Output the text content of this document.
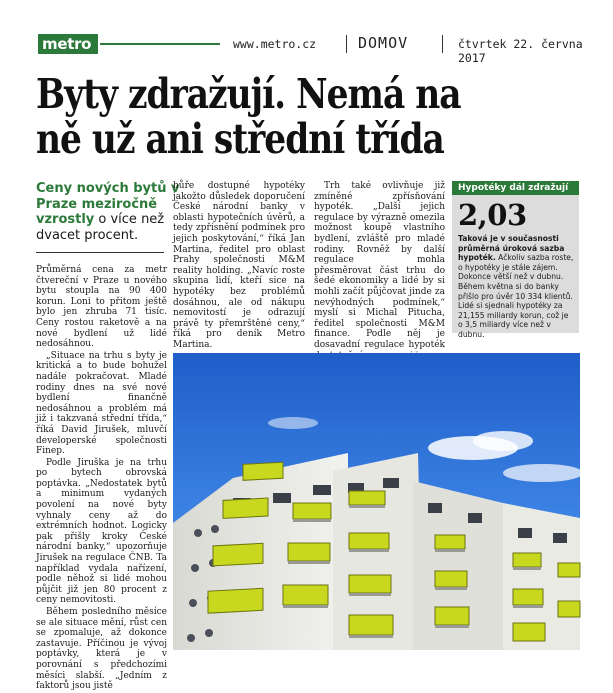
metro	www.metro.cz	DOMOV	čtvrtek 22. června 2017
Byty zdražují. Nemá na
ně už ani střední třída
Ceny nových bytů v Praze meziročně vzrostly o více než dvacet procent.

Průměrná cena za metr čtvereční v Praze u nového bytu stoupla na 90 400 korun. Loni to přitom ještě bylo jen zhruba 71 tisíc. Ceny rostou raketově a na nové bydlení už lidé nedosáhnou.

„Situace na trhu s byty je kritická a to bude bohužel nadále pokračovat. Mladé rodiny dnes na své nové bydlení finančně nedosáhnou a problém má již i takzvaná střední třída,“ říká David Jirušek, mluvčí developerské společnosti Finep.

Podle Jiruška je na trhu po bytech obrovská poptávka. „Nedostatek bytů a minimum vydaných povolení na nové byty vyhnaly ceny až do extrémních hodnot. Logicky pak přišly kroky České národní banky,“ upozorňuje Jirušek na regulace ČNB. Ta například vydala nařízení, podle něhož si lidé mohou půjčit již jen 80 procent z ceny nemovitosti.

Během posledního měsíce se ale situace mění, růst cen se zpomaluje, až dokonce zastavuje. Příčinou je vývoj poptávky, která je v porovnání s předchozími měsíci slabší. „Jedním z faktorů jsou jistě

hůře dostupné hypotéky jakožto důsledek doporučení České národní banky v oblasti hypotečních úvěrů, a tedy zpřísnění podmínek pro jejich poskytování,“ říká Jan Martina, ředitel pro oblast Prahy společnosti M&M reality holding. „Navíc roste skupina lidí, kteří sice na hypotéky bez problémů dosáhnou, ale od nákupu nemovitostí je odrazují právě ty přemrštěné ceny,“ říká pro deník Metro Martina.

Trh také ovlivňuje již zmíněné zpřísňování hypoték. „Další jejich regulace by výrazně omezila možnost koupě vlastního bydlení, zvláště pro mladé rodiny. Rovněž by další regulace mohla přesměrovat část trhu do šedé ekonomiky a lidé by si mohli začít půjčovat jinde za nevýhodných podmínek,“ myslí si Michal Pitucha, ředitel společnosti M&M finance. Podle něj je dosavadní regulace hypoték

Hypotéky dál zdražují
2,03
Taková je v současnosti průměrná úroková sazba hypoték. Ačkoliv sazba roste, o hypotéky je stále zájem. Dokonce větší než v dubnu. Během května si do banky přišlo pro úvěr 10 334 klientů. Lidé si sjednali hypotéky za 21,155 miliardy korun, což je o 3,5 miliardy více než v dubnu.
